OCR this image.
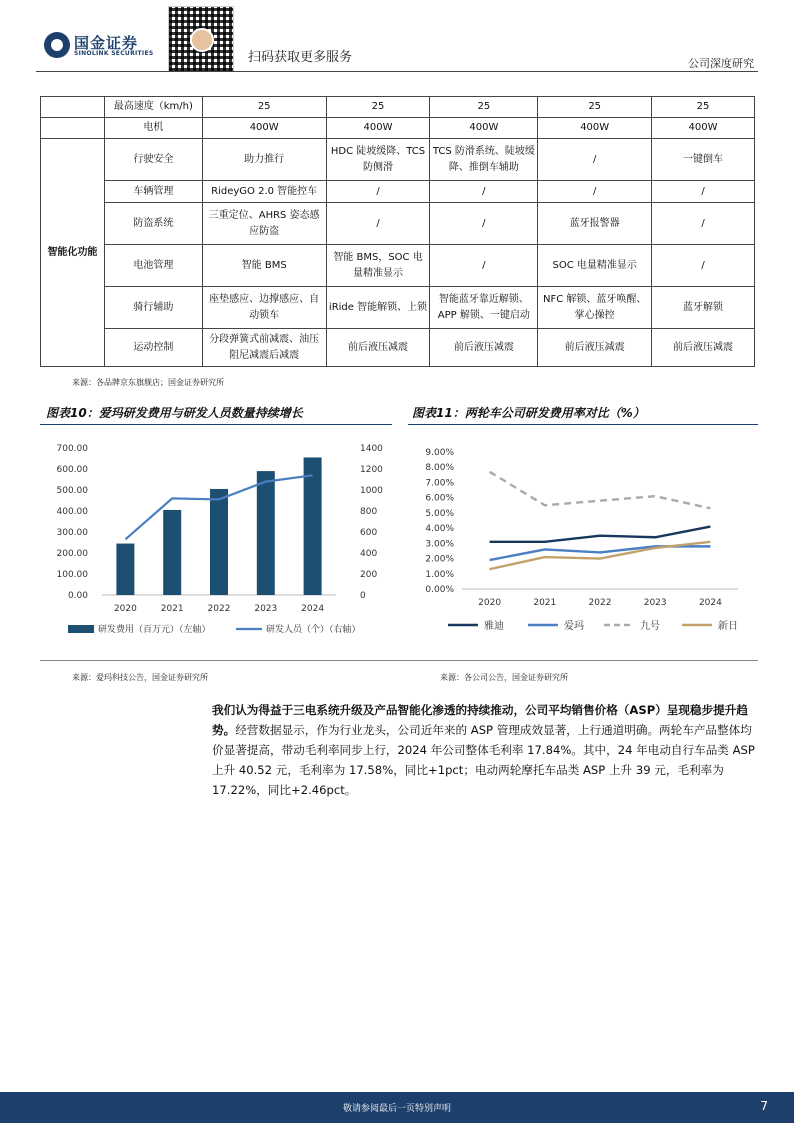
国金证券
SINOLINK SECURITIES	扫码获取更多服务	公司深度研究
	最高速度（km/h)	25	25	25	25	25
	电机	400W	400W	400W	400W	400W
智能化功能	行驶安全	助力推行	HDC 陡坡缓降、TCS 防侧滑	TCS 防滑系统、陡坡缓降、推倒车辅助	/	一键倒车
	车辆管理	RideyGO 2.0 智能控车	/	/	/	/
	防盗系统	三重定位、AHRS 姿态感应防盗	/	/	蓝牙报警器	/
	电池管理	智能 BMS	智能 BMS，SOC 电量精准显示	/	SOC 电量精准显示	/
	骑行辅助	座垫感应、边撑感应、自动锁车	iRide 智能解锁、上锁	智能蓝牙靠近解锁、APP 解锁、一键启动	NFC 解锁、蓝牙唤醒、掌心操控	蓝牙解锁
	运动控制	分段弹簧式前减震、油压阻尼减震后减震	前后液压减震	前后液压减震	前后液压减震	前后液压减震
来源：各品牌京东旗舰店；国金证券研究所
图表10：爱玛研发费用与研发人员数量持续增长
0.00
100.00
200.00
300.00
400.00
500.00
600.00
700.00
0
200
400
600
800
1000
1200
1400
2020	2021	2022	2023	2024
研发费用（百万元）（左轴）	研发人员（个）（右轴）
图表11：两轮车公司研发费用率对比（%）
0.00%
1.00%
2.00%
3.00%
4.00%
5.00%
6.00%
7.00%
8.00%
9.00%
2020	2021	2022	2023	2024
雅迪	爱玛	九号	新日
来源：爱玛科技公告，国金证券研究所	来源：各公司公告，国金证券研究所
我们认为得益于三电系统升级及产品智能化渗透的持续推动，公司平均销售价格（ASP）呈现稳步提升趋势。经营数据显示，作为行业龙头，公司近年来的 ASP 管理成效显著，上行通道明确。两轮车产品整体均价显著提高，带动毛利率同步上行，2024 年公司整体毛利率 17.84%。其中，24 年电动自行车品类 ASP 上升 40.52 元，毛利率为 17.58%，同比+1pct；电动两轮摩托车品类 ASP 上升 39 元，毛利率为 17.22%，同比+2.46pct。
敬请参阅最后一页特别声明	7
